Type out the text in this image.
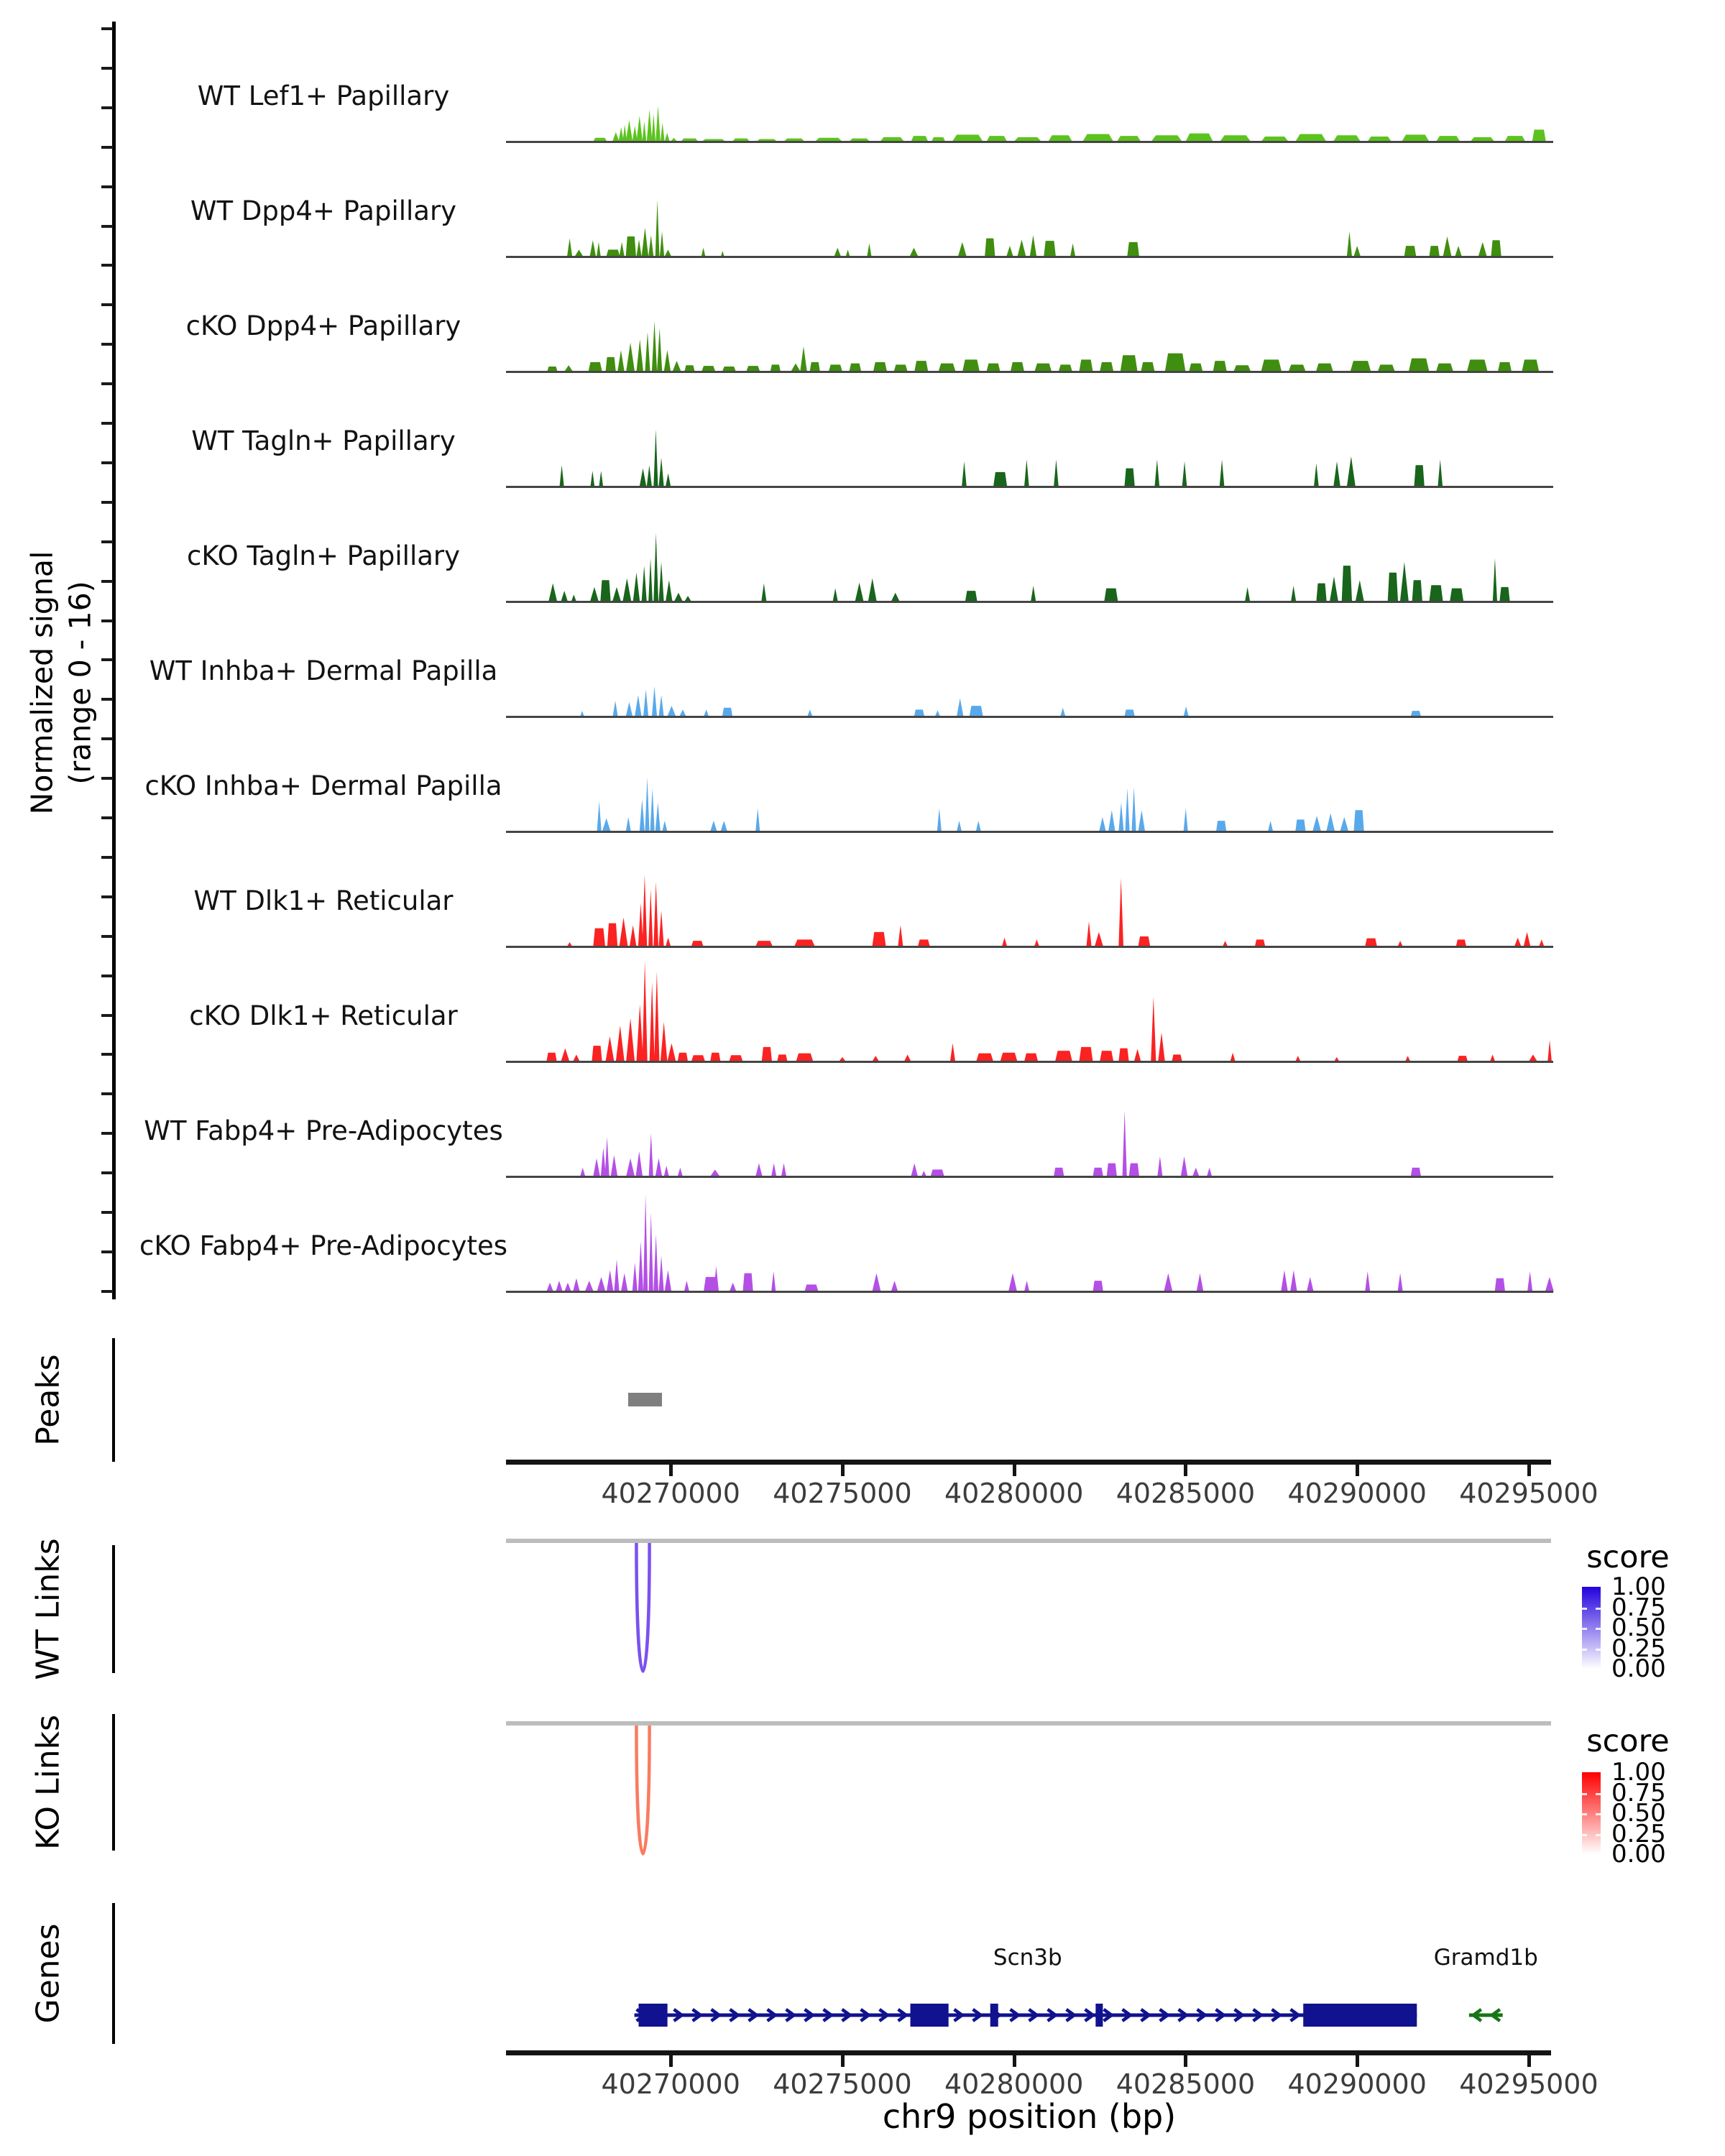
Normalized signal (range 0 - 16)
WT Lef1+ Papillary
WT Dpp4+ Papillary
cKO Dpp4+ Papillary
WT Tagln+ Papillary
cKO Tagln+ Papillary
WT Inhba+ Dermal Papilla
cKO Inhba+ Dermal Papilla
WT Dlk1+ Reticular
cKO Dlk1+ Reticular
WT Fabp4+ Pre-Adipocytes
cKO Fabp4+ Pre-Adipocytes
Peaks
40270000	40275000	40280000	40285000	40290000	40295000
WT Links
KO Links
score
1.00
0.75
0.50
0.25
0.00
score
1.00
0.75
0.50
0.25
0.00
Genes	Scn3b	Gramd1b
40270000	40275000	40280000	40285000	40290000	40295000
chr9 position (bp)
